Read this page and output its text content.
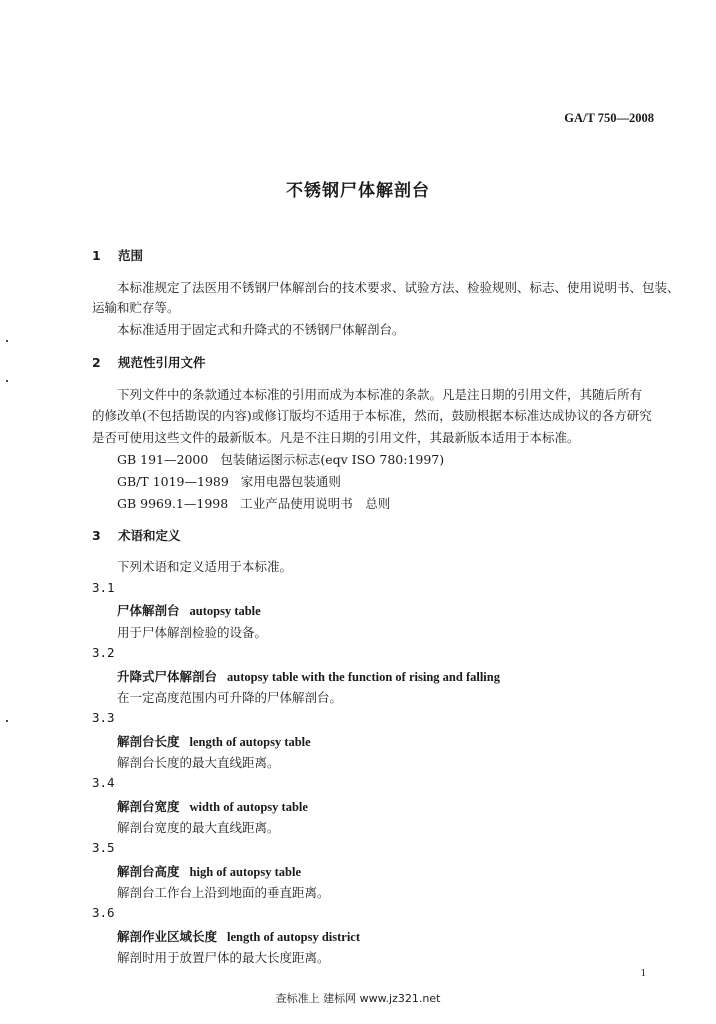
GA/T 750—2008
不锈钢尸体解剖台
1 范围
本标准规定了法医用不锈钢尸体解剖台的技术要求、试验方法、检验规则、标志、使用说明书、包装、
运输和贮存等。
本标准适用于固定式和升降式的不锈钢尸体解剖台。
2 规范性引用文件
下列文件中的条款通过本标准的引用而成为本标准的条款。凡是注日期的引用文件，其随后所有
的修改单(不包括勘误的内容)或修订版均不适用于本标准，然而，鼓励根据本标准达成协议的各方研究
是否可使用这些文件的最新版本。凡是不注日期的引用文件，其最新版本适用于本标准。
GB 191—2000 包装储运图示标志(eqv ISO 780:1997)
GB/T 1019—1989 家用电器包装通则
GB 9969.1—1998 工业产品使用说明书　总则
3 术语和定义
下列术语和定义适用于本标准。
3.1
尸体解剖台 autopsy table
用于尸体解剖检验的设备。
3.2
升降式尸体解剖台 autopsy table with the function of rising and falling
在一定高度范围内可升降的尸体解剖台。
3.3
解剖台长度 length of autopsy table
解剖台长度的最大直线距离。
3.4
解剖台宽度 width of autopsy table
解剖台宽度的最大直线距离。
3.5
解剖台高度 high of autopsy table
解剖台工作台上沿到地面的垂直距离。
3.6
解剖作业区域长度 length of autopsy district
解剖时用于放置尸体的最大长度距离。
1
查标准上 建标网 www.jz321.net
